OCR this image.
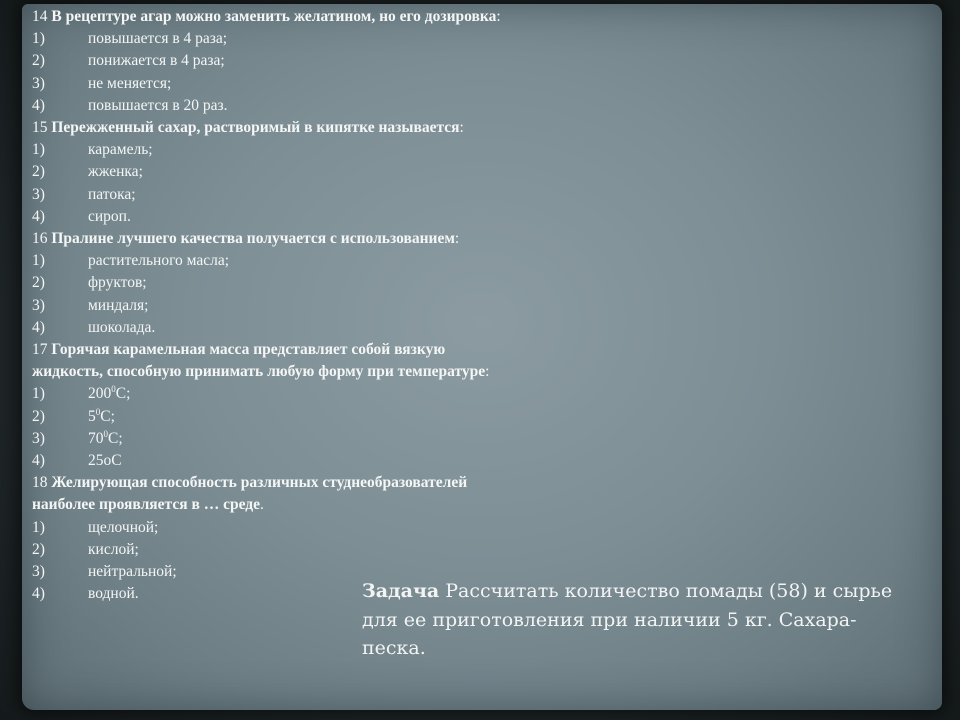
14 В рецептуре агар можно заменить желатином, но его дозировка:
1)	повышается в 4 раза;
2)	понижается в 4 раза;
3)	не меняется;
4)	повышается в 20 раз.
15 Пережженный сахар, растворимый в кипятке называется:
1)	карамель;
2)	жженка;
3)	патока;
4)	сироп.
16 Пралине лучшего качества получается с использованием:
1)	растительного масла;
2)	фруктов;
3)	миндаля;
4)	шоколада.
17 Горячая карамельная масса представляет собой вязкую
жидкость, способную принимать любую форму при температуре:
1)	$200^0С$;
2)	$5^0С$;
3)	$70^0С$;
4)	25оС
18 Желирующая способность различных студнеобразователей
наиболее проявляется в … среде.
1)	щелочной;
2)	кислой;
3)	нейтральной;
4)	водной.	Задача Рассчитать количество помады (58) и сырье для ее приготовления при наличии 5 кг. Сахара-песка.
